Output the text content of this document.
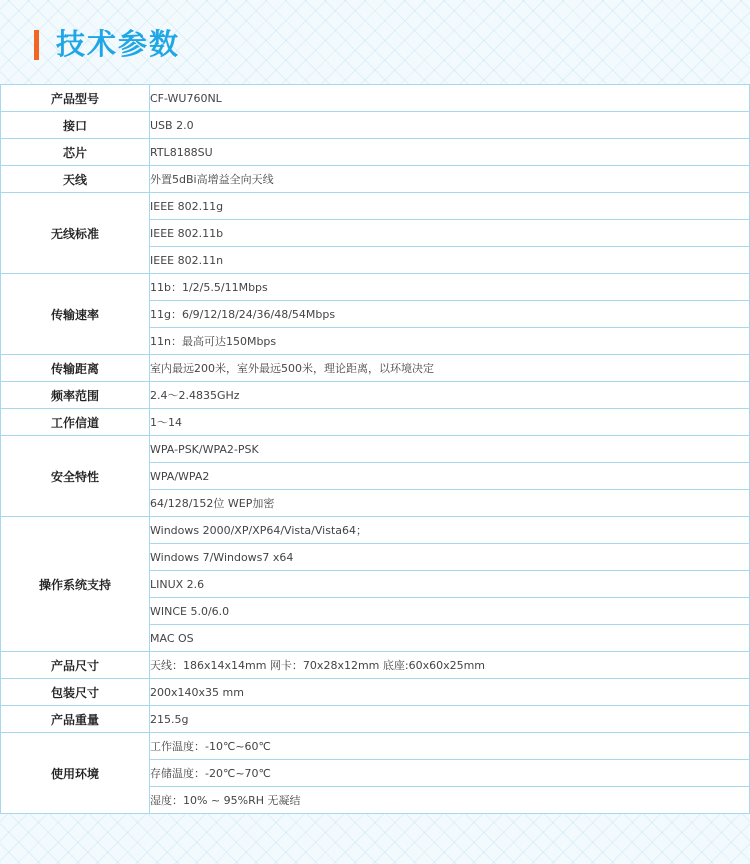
技术参数
产品型号	CF-WU760NL
接口	USB 2.0
芯片	RTL8188SU
天线	外置5dBi高增益全向天线
无线标准	IEEE 802.11g
	IEEE 802.11b
	IEEE 802.11n
传输速率	11b：1/2/5.5/11Mbps
	11g：6/9/12/18/24/36/48/54Mbps
	11n：最高可达150Mbps
传输距离	室内最远200米，室外最远500米，理论距离，以环境决定
频率范围	2.4～2.4835GHz
工作信道	1～14
安全特性	WPA-PSK/WPA2-PSK
	WPA/WPA2
	64/128/152位 WEP加密
操作系统支持	Windows 2000/XP/XP64/Vista/Vista64；
	Windows 7/Windows7 x64
	LINUX 2.6
	WINCE 5.0/6.0
	MAC OS
产品尺寸	天线：186x14x14mm 网卡：70x28x12mm 底座:60x60x25mm
包装尺寸	200x140x35 mm
产品重量	215.5g
使用环境	工作温度：-10℃~60℃
	存储温度：-20℃~70℃
	湿度：10% ~ 95%RH 无凝结
